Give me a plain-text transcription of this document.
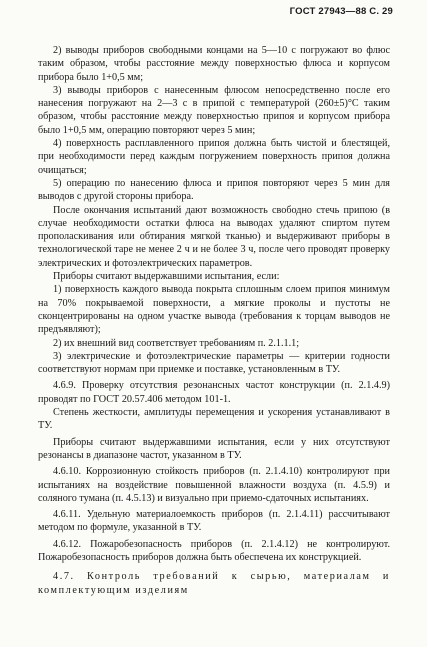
ГОСТ 27943—88 С. 29

2) выводы приборов свободными концами на 5—10 с погружают во флюс таким образом, чтобы расстояние между поверхностью флюса и корпусом прибора было 1+0,5 мм;

3) выводы приборов с нанесенным флюсом непосредственно после его нанесения погружают на 2—3 с в припой с температурой (260±5)°С таким образом, чтобы расстояние между поверхностью припоя и корпусом прибора было 1+0,5 мм, операцию повторяют через 5 мин;

4) поверхность расплавленного припоя должна быть чистой и блестящей, при необходимости перед каждым погружением поверхность припоя должна очищаться;

5) операцию по нанесению флюса и припоя повторяют через 5 мин для выводов с другой стороны прибора.

После окончания испытаний дают возможность свободно стечь припою (в случае необходимости остатки флюса на выводах удаляют спиртом путем прополаскивания или обтирания мягкой тканью) и выдерживают приборы в технологической таре не менее 2 ч и не более 3 ч, после чего проводят проверку электрических и фотоэлектрических параметров.

Приборы считают выдержавшими испытания, если:

1) поверхность каждого вывода покрыта сплошным слоем припоя минимум на 70% покрываемой поверхности, а мягкие проколы и пустоты не сконцентрированы на одном участке вывода (требования к торцам выводов не предъявляют);

2) их внешний вид соответствует требованиям п. 2.1.1.1;

3) электрические и фотоэлектрические параметры — критерии годности соответствуют нормам при приемке и поставке, установленным в ТУ.

4.6.9. Проверку отсутствия резонансных частот конструкции (п. 2.1.4.9) проводят по ГОСТ 20.57.406 методом 101-1.

Степень жесткости, амплитуды перемещения и ускорения устанавливают в ТУ.

Приборы считают выдержавшими испытания, если у них отсутствуют резонансы в диапазоне частот, указанном в ТУ.

4.6.10. Коррозионную стойкость приборов (п. 2.1.4.10) контролируют при испытаниях на воздействие повышенной влажности воздуха (п. 4.5.9) и соляного тумана (п. 4.5.13) и визуально при приемо-сдаточных испытаниях.

4.6.11. Удельную материалоемкость приборов (п. 2.1.4.11) рассчитывают методом по формуле, указанной в ТУ.

4.6.12. Пожаробезопасность приборов (п. 2.1.4.12) не контролируют. Пожаробезопасность приборов должна быть обеспечена их конструкцией.

4.7. Контроль требований к сырью, материалам и комплектующим изделиям
